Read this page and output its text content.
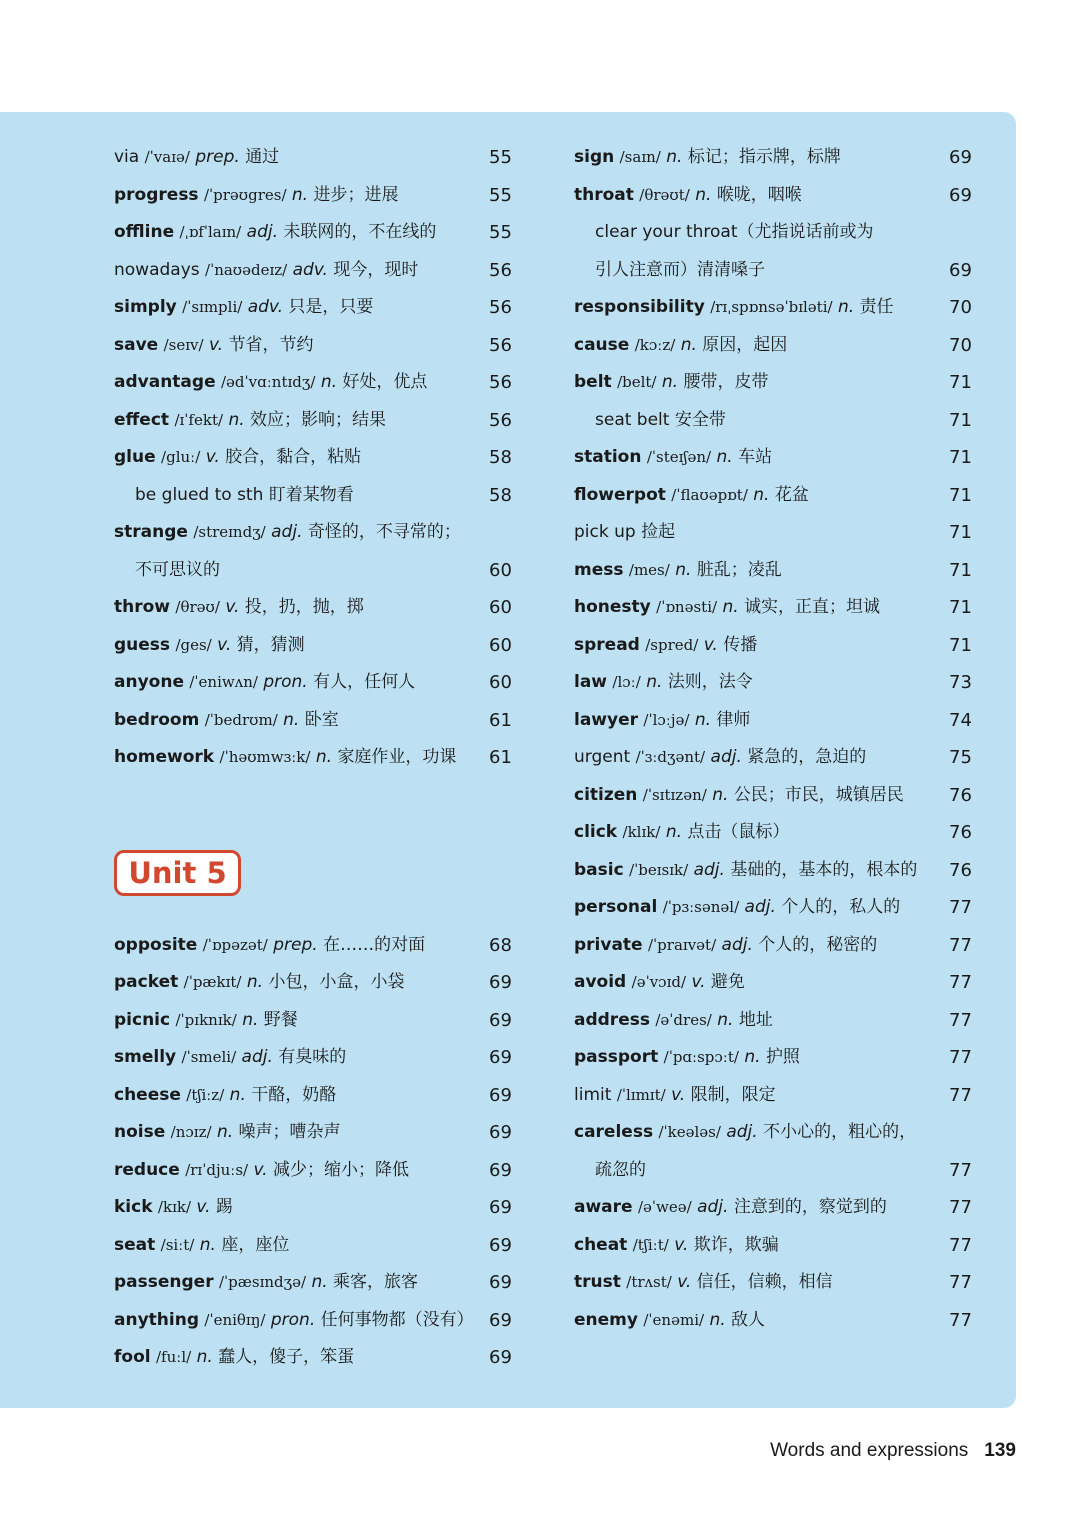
via /ˈvaɪə/ prep. 通过	55
progress /ˈprəʊgres/ n. 进步；进展	55
offline /ˌɒfˈlaɪn/ adj. 未联网的，不在线的	55
nowadays /ˈnaʊədeɪz/ adv. 现今，现时	56
simply /ˈsɪmpli/ adv. 只是，只要	56
save /seɪv/ v. 节省，节约	56
advantage /ədˈvɑːntɪdʒ/ n. 好处，优点	56
effect /ɪˈfekt/ n. 效应；影响；结果	56
glue /gluː/ v. 胶合，黏合，粘贴	58
be glued to sth 盯着某物看	58
strange /streɪndʒ/ adj. 奇怪的，不寻常的；
不可思议的	60
throw /θrəʊ/ v. 投，扔，抛，掷	60
guess /ges/ v. 猜，猜测	60
anyone /ˈeniwʌn/ pron. 有人，任何人	60
bedroom /ˈbedrʊm/ n. 卧室	61
homework /ˈhəʊmwɜːk/ n. 家庭作业，功课	61
Unit 5
opposite /ˈɒpəzət/ prep. 在……的对面	68
packet /ˈpækɪt/ n. 小包，小盒，小袋	69
picnic /ˈpɪknɪk/ n. 野餐	69
smelly /ˈsmeli/ adj. 有臭味的	69
cheese /tʃiːz/ n. 干酪，奶酪	69
noise /nɔɪz/ n. 噪声；嘈杂声	69
reduce /rɪˈdjuːs/ v. 减少；缩小；降低	69
kick /kɪk/ v. 踢	69
seat /siːt/ n. 座，座位	69
passenger /ˈpæsɪndʒə/ n. 乘客，旅客	69
anything /ˈeniθɪŋ/ pron. 任何事物都（没有） 69
fool /fuːl/ n. 蠢人，傻子，笨蛋	69
sign /saɪn/ n. 标记；指示牌，标牌	69
throat /θrəʊt/ n. 喉咙，咽喉	69
clear your throat（尤指说话前或为
引人注意而）清清嗓子	69
responsibility /rɪˌspɒnsəˈbɪləti/ n. 责任	70
cause /kɔːz/ n. 原因，起因	70
belt /belt/ n. 腰带，皮带	71
seat belt 安全带	71
station /ˈsteɪʃən/ n. 车站	71
flowerpot /ˈflaʊəpɒt/ n. 花盆	71
pick up 捡起	71
mess /mes/ n. 脏乱；凌乱	71
honesty /ˈɒnəsti/ n. 诚实，正直；坦诚	71
spread /spred/ v. 传播	71
law /lɔː/ n. 法则，法令	73
lawyer /ˈlɔːjə/ n. 律师	74
urgent /ˈɜːdʒənt/ adj. 紧急的，急迫的	75
citizen /ˈsɪtɪzən/ n. 公民；市民，城镇居民	76
click /klɪk/ n. 点击（鼠标）	76
basic /ˈbeɪsɪk/ adj. 基础的，基本的，根本的	76
personal /ˈpɜːsənəl/ adj. 个人的，私人的	77
private /ˈpraɪvət/ adj. 个人的，秘密的	77
avoid /əˈvɔɪd/ v. 避免	77
address /əˈdres/ n. 地址	77
passport /ˈpɑːspɔːt/ n. 护照	77
limit /ˈlɪmɪt/ v. 限制，限定	77
careless /ˈkeələs/ adj. 不小心的，粗心的，
疏忽的	77
aware /əˈweə/ adj. 注意到的，察觉到的	77
cheat /tʃiːt/ v. 欺诈，欺骗	77
trust /trʌst/ v. 信任，信赖，相信	77
enemy /ˈenəmi/ n. 敌人	77
Words and expressions 139
